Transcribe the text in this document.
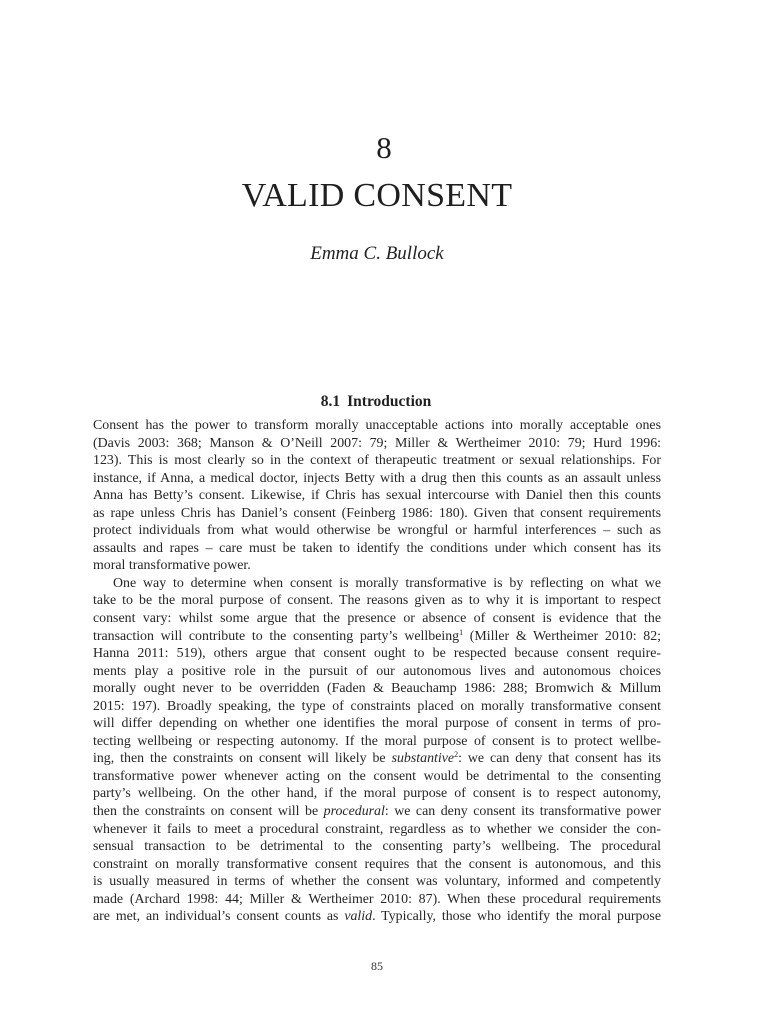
8
VALID CONSENT
Emma C. Bullock
8.1 Introduction
Consent has the power to transform morally unacceptable actions into morally acceptable ones
(Davis 2003: 368; Manson & O’Neill 2007: 79; Miller & Wertheimer 2010: 79; Hurd 1996:
123). This is most clearly so in the context of therapeutic treatment or sexual relationships. For
instance, if Anna, a medical doctor, injects Betty with a drug then this counts as an assault unless
Anna has Betty’s consent. Likewise, if Chris has sexual intercourse with Daniel then this counts
as rape unless Chris has Daniel’s consent (Feinberg 1986: 180). Given that consent requirements
protect individuals from what would otherwise be wrongful or harmful interferences – such as
assaults and rapes – care must be taken to identify the conditions under which consent has its
moral transformative power.
One way to determine when consent is morally transformative is by reflecting on what we
take to be the moral purpose of consent. The reasons given as to why it is important to respect
consent vary: whilst some argue that the presence or absence of consent is evidence that the
transaction will contribute to the consenting party’s wellbeing$^1$ (Miller & Wertheimer 2010: 82;
Hanna 2011: 519), others argue that consent ought to be respected because consent require-
ments play a positive role in the pursuit of our autonomous lives and autonomous choices
morally ought never to be overridden (Faden & Beauchamp 1986: 288; Bromwich & Millum
2015: 197). Broadly speaking, the type of constraints placed on morally transformative consent
will differ depending on whether one identifies the moral purpose of consent in terms of pro-
tecting wellbeing or respecting autonomy. If the moral purpose of consent is to protect wellbe-
ing, then the constraints on consent will likely be substantive$^2$: we can deny that consent has its
transformative power whenever acting on the consent would be detrimental to the consenting
party’s wellbeing. On the other hand, if the moral purpose of consent is to respect autonomy,
then the constraints on consent will be procedural: we can deny consent its transformative power
whenever it fails to meet a procedural constraint, regardless as to whether we consider the con-
sensual transaction to be detrimental to the consenting party’s wellbeing. The procedural
constraint on morally transformative consent requires that the consent is autonomous, and this
is usually measured in terms of whether the consent was voluntary, informed and competently
made (Archard 1998: 44; Miller & Wertheimer 2010: 87). When these procedural requirements
are met, an individual’s consent counts as valid. Typically, those who identify the moral purpose
85
